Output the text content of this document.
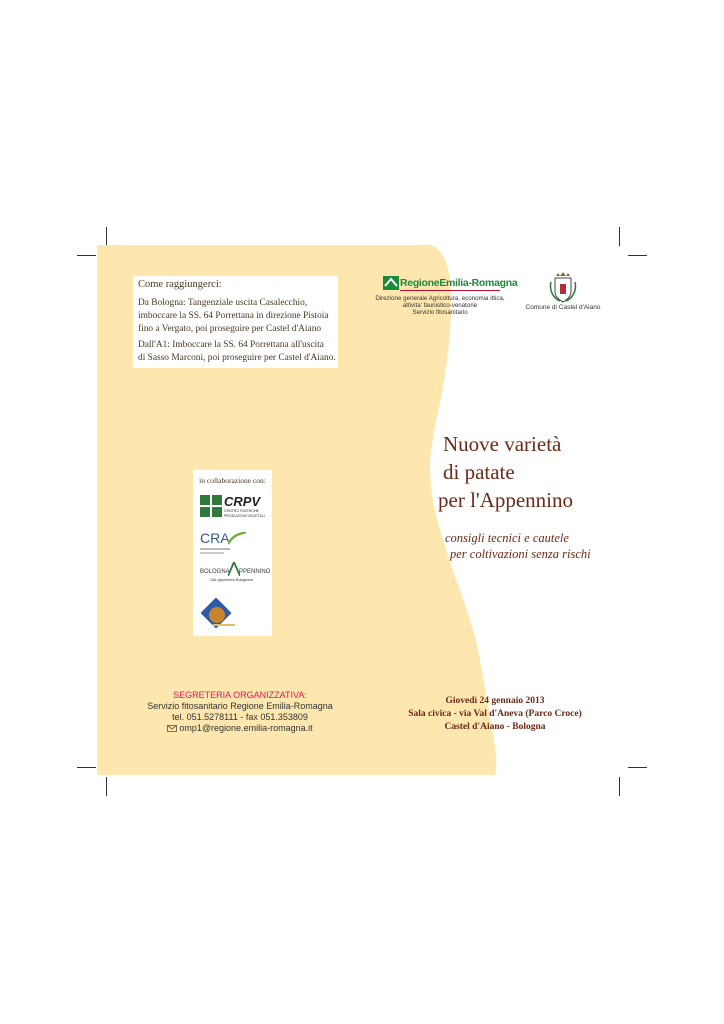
Come raggiungerci:
Da Bologna: Tangenziale uscita Casalecchio,
imboccare la SS. 64 Porrettana in direzione Pistoia
fino a Vergato, poi proseguire per Castel d'Aiano
Dall'A1: Imboccare la SS. 64 Porrettana all'uscita
di Sasso Marconi, poi proseguire per Castel d'Aiano.
RegioneEmilia-Romagna
Direzione generale Agricoltura, economia ittica,
attivita' faunistico-venatorie
Servizio fitosanitario
Comune di Castel d'Aiano
Nuove varietà
di patate
per l'Appennino
consigli tecnici e cautele
per coltivazioni senza rischi
in collaborazione con:
CRPV
CENTRO RICERCHE
PRODUZIONI VEGETALI
CRA
BOLOGNA PPENNINO
GAL Appennino Bolognese
SEGRETERIA ORGANIZZATIVA:
Servizio fitosanitario Regione Emilia-Romagna
tel. 051.5278111 - fax 051.353809
omp1@regione.emilia-romagna.it
Giovedì 24 gennaio 2013
Sala civica - via Val d'Aneva (Parco Croce)
Castel d'Aiano - Bologna
